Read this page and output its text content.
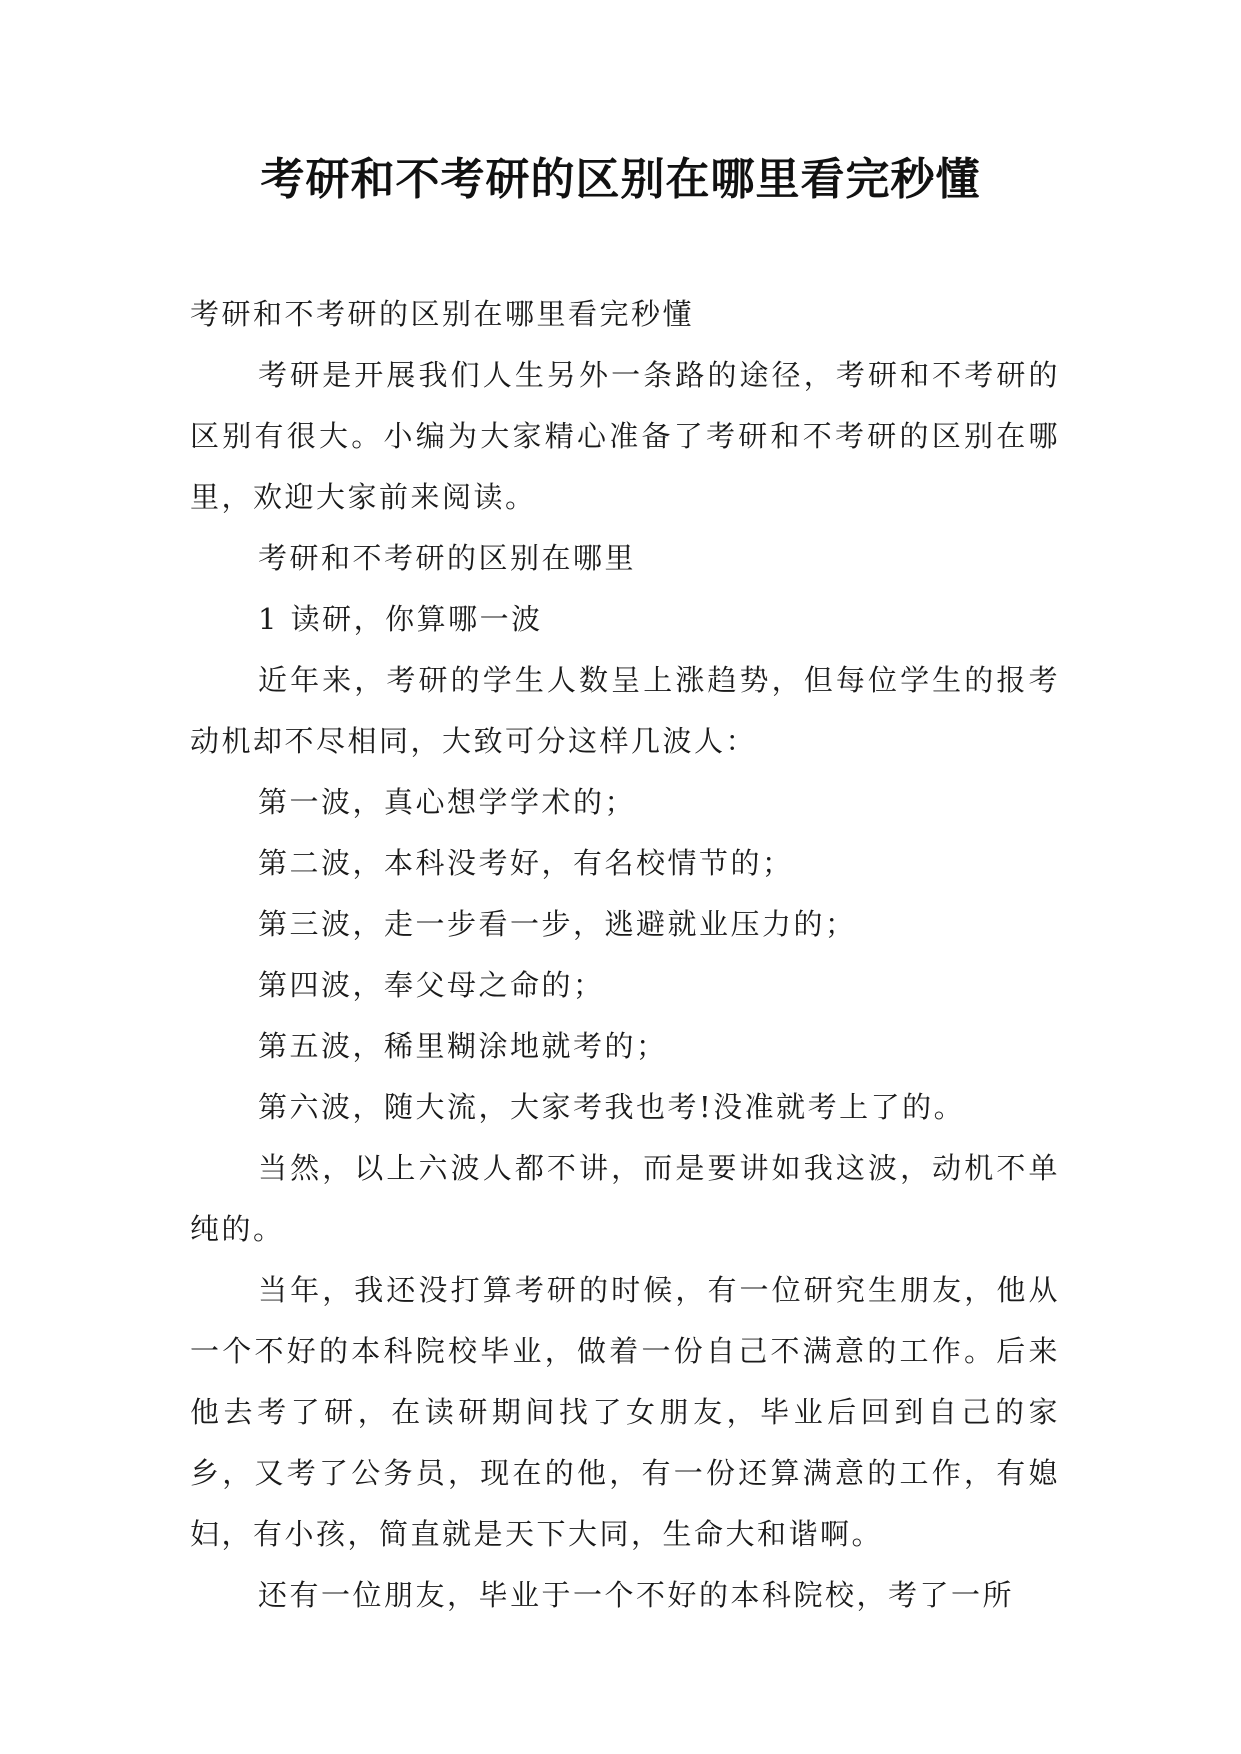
考研和不考研的区别在哪里看完秒懂

考研和不考研的区别在哪里看完秒懂

考研是开展我们人生另外一条路的途径，考研和不考研的区别有很大。小编为大家精心准备了考研和不考研的区别在哪里，欢迎大家前来阅读。

考研和不考研的区别在哪里

1 读研，你算哪一波

近年来，考研的学生人数呈上涨趋势，但每位学生的报考动机却不尽相同，大致可分这样几波人：

第一波，真心想学学术的；

第二波，本科没考好，有名校情节的；

第三波，走一步看一步，逃避就业压力的；

第四波，奉父母之命的；

第五波，稀里糊涂地就考的；

第六波，随大流，大家考我也考!没准就考上了的。

当然，以上六波人都不讲，而是要讲如我这波，动机不单纯的。

当年，我还没打算考研的时候，有一位研究生朋友，他从一个不好的本科院校毕业，做着一份自己不满意的工作。后来他去考了研，在读研期间找了女朋友，毕业后回到自己的家乡，又考了公务员，现在的他，有一份还算满意的工作，有媳妇，有小孩，简直就是天下大同，生命大和谐啊。

还有一位朋友，毕业于一个不好的本科院校，考了一所
